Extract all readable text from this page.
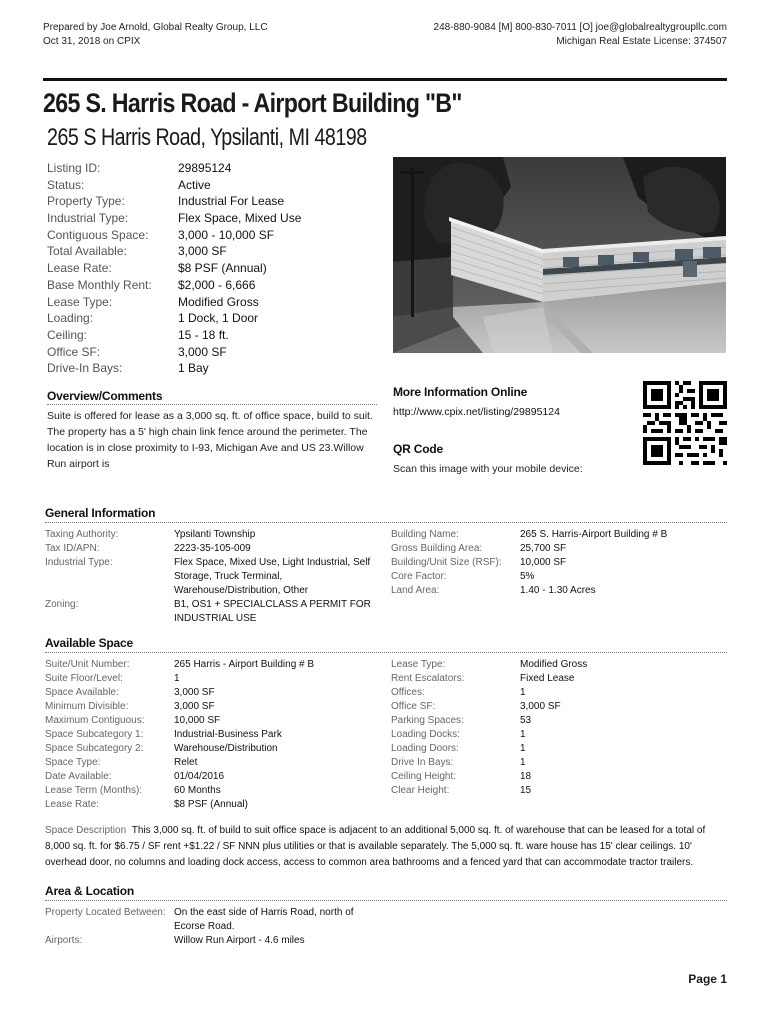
Prepared by Joe Arnold, Global Realty Group, LLC
Oct 31, 2018 on CPIX
248-880-9084 [M] 800-830-7011 [O] joe@globalrealtygroupllc.com
Michigan Real Estate License: 374507
265 S. Harris Road - Airport Building "B"
265 S Harris Road, Ypsilanti, MI 48198
Listing ID:	29895124
Status:	Active
Property Type:	Industrial For Lease
Industrial Type:	Flex Space, Mixed Use
Contiguous Space:	3,000 - 10,000 SF
Total Available:	3,000 SF
Lease Rate:	$8 PSF (Annual)
Base Monthly Rent:	$2,000 - 6,666
Lease Type:	Modified Gross
Loading:	1 Dock, 1 Door
Ceiling:	15 - 18 ft.
Office SF:	3,000 SF
Drive-In Bays:	1 Bay
Overview/Comments
Suite is offered for lease as a 3,000 sq. ft. of office space, build to suit. The property has a 5' high chain link fence around the perimeter. The location is in close proximity to I-93, Michigan Ave and US 23.Willow Run airport is
More Information Online
http://www.cpix.net/listing/29895124
QR Code
Scan this image with your mobile device:
General Information
Taxing Authority:	Ypsilanti Township
Tax ID/APN:	2223-35-105-009
Industrial Type:	Flex Space, Mixed Use, Light Industrial, Self Storage, Truck Terminal, Warehouse/Distribution, Other
Zoning:	B1, OS1 + SPECIALCLASS A PERMIT FOR INDUSTRIAL USE
Building Name:	265 S. Harris-Airport Building # B
Gross Building Area:	25,700 SF
Building/Unit Size (RSF):	10,000 SF
Core Factor:	5%
Land Area:	1.40 - 1.30 Acres
Available Space
Suite/Unit Number:	265 Harris - Airport Building # B
Suite Floor/Level:	1
Space Available:	3,000 SF
Minimum Divisible:	3,000 SF
Maximum Contiguous:	10,000 SF
Space Subcategory 1:	Industrial-Business Park
Space Subcategory 2:	Warehouse/Distribution
Space Type:	Relet
Date Available:	01/04/2016
Lease Term (Months):	60 Months
Lease Rate:	$8 PSF (Annual)
Lease Type:	Modified Gross
Rent Escalators:	Fixed Lease
Offices:	1
Office SF:	3,000 SF
Parking Spaces:	53
Loading Docks:	1
Loading Doors:	1
Drive In Bays:	1
Ceiling Height:	18
Clear Height:	15
Space Description This 3,000 sq. ft. of build to suit office space is adjacent to an additional 5,000 sq. ft. of warehouse that can be leased for a total of 8,000 sq. ft. for $6.75 / SF rent +$1.22 / SF NNN plus utilities or that is available separately. The 5,000 sq. ft. ware house has 15' clear ceilings. 10' overhead door, no columns and loading dock access, access to common area bathrooms and a fenced yard that can accommodate tractor trailers.
Area & Location
Property Located Between: On the east side of Harris Road, north of Ecorse Road.
Airports:	Willow Run Airport - 4.6 miles
Page 1
